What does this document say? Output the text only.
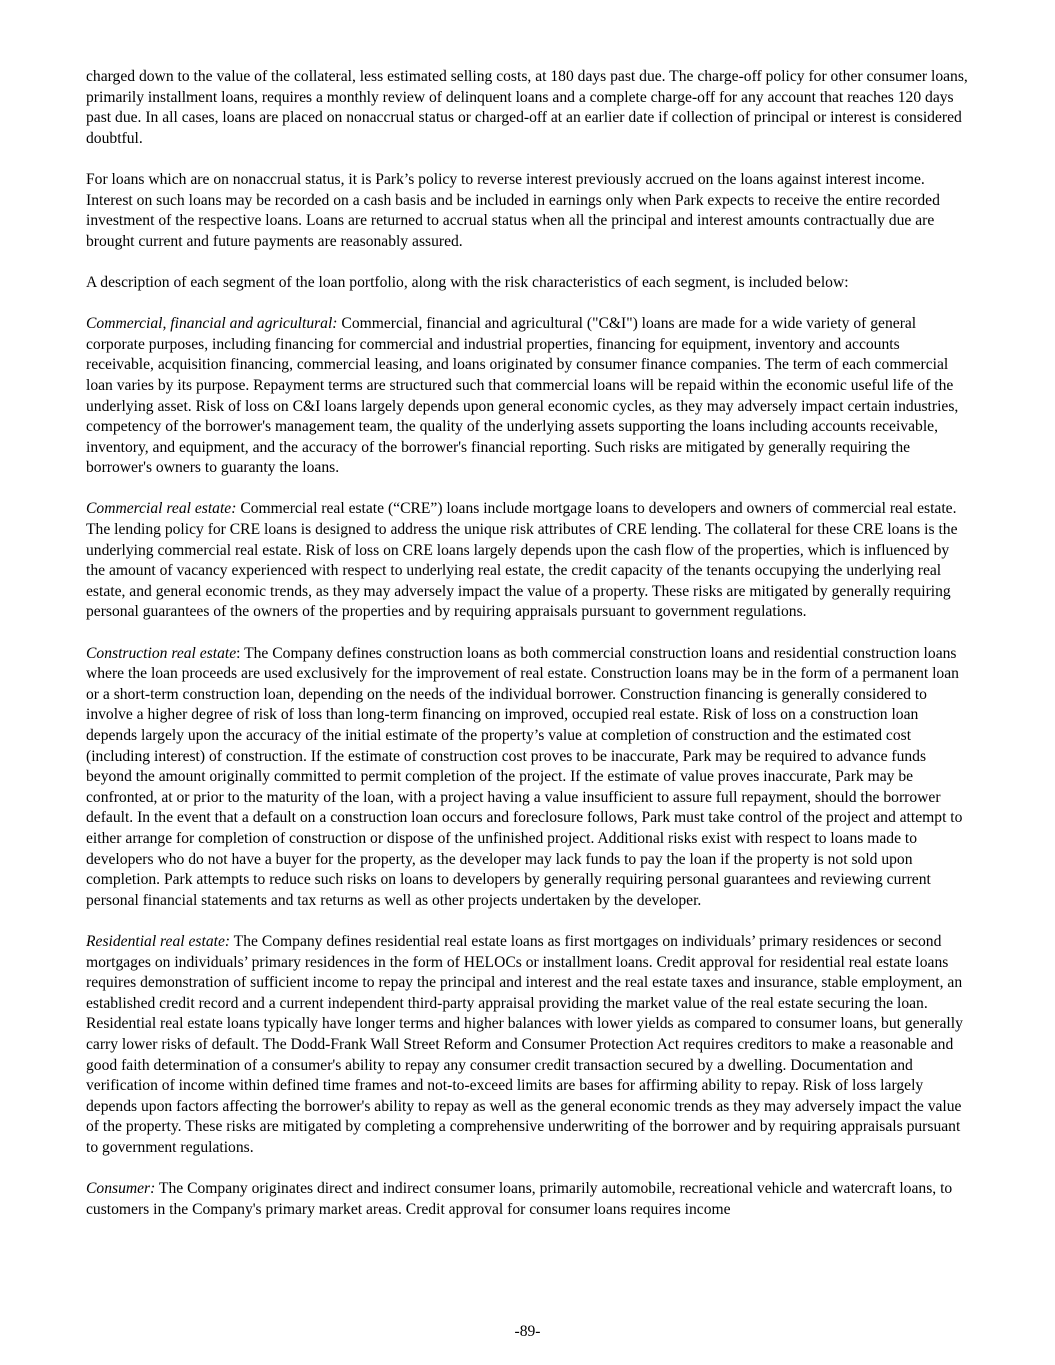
charged down to the value of the collateral, less estimated selling costs, at 180 days past due. The charge-off policy for other consumer loans, primarily installment loans, requires a monthly review of delinquent loans and a complete charge-off for any account that reaches 120 days past due. In all cases, loans are placed on nonaccrual status or charged-off at an earlier date if collection of principal or interest is considered doubtful.

For loans which are on nonaccrual status, it is Park’s policy to reverse interest previously accrued on the loans against interest income. Interest on such loans may be recorded on a cash basis and be included in earnings only when Park expects to receive the entire recorded investment of the respective loans. Loans are returned to accrual status when all the principal and interest amounts contractually due are brought current and future payments are reasonably assured.

A description of each segment of the loan portfolio, along with the risk characteristics of each segment, is included below:

Commercial, financial and agricultural: Commercial, financial and agricultural ("C&I") loans are made for a wide variety of general corporate purposes, including financing for commercial and industrial properties, financing for equipment, inventory and accounts receivable, acquisition financing, commercial leasing, and loans originated by consumer finance companies. The term of each commercial loan varies by its purpose. Repayment terms are structured such that commercial loans will be repaid within the economic useful life of the underlying asset. Risk of loss on C&I loans largely depends upon general economic cycles, as they may adversely impact certain industries, competency of the borrower's management team, the quality of the underlying assets supporting the loans including accounts receivable, inventory, and equipment, and the accuracy of the borrower's financial reporting. Such risks are mitigated by generally requiring the borrower's owners to guaranty the loans.

Commercial real estate: Commercial real estate (“CRE”) loans include mortgage loans to developers and owners of commercial real estate. The lending policy for CRE loans is designed to address the unique risk attributes of CRE lending. The collateral for these CRE loans is the underlying commercial real estate. Risk of loss on CRE loans largely depends upon the cash flow of the properties, which is influenced by the amount of vacancy experienced with respect to underlying real estate, the credit capacity of the tenants occupying the underlying real estate, and general economic trends, as they may adversely impact the value of a property. These risks are mitigated by generally requiring personal guarantees of the owners of the properties and by requiring appraisals pursuant to government regulations.

Construction real estate: The Company defines construction loans as both commercial construction loans and residential construction loans where the loan proceeds are used exclusively for the improvement of real estate. Construction loans may be in the form of a permanent loan or a short-term construction loan, depending on the needs of the individual borrower. Construction financing is generally considered to involve a higher degree of risk of loss than long-term financing on improved, occupied real estate. Risk of loss on a construction loan depends largely upon the accuracy of the initial estimate of the property’s value at completion of construction and the estimated cost (including interest) of construction. If the estimate of construction cost proves to be inaccurate, Park may be required to advance funds beyond the amount originally committed to permit completion of the project. If the estimate of value proves inaccurate, Park may be confronted, at or prior to the maturity of the loan, with a project having a value insufficient to assure full repayment, should the borrower default. In the event that a default on a construction loan occurs and foreclosure follows, Park must take control of the project and attempt to either arrange for completion of construction or dispose of the unfinished project. Additional risks exist with respect to loans made to developers who do not have a buyer for the property, as the developer may lack funds to pay the loan if the property is not sold upon completion. Park attempts to reduce such risks on loans to developers by generally requiring personal guarantees and reviewing current personal financial statements and tax returns as well as other projects undertaken by the developer.

Residential real estate: The Company defines residential real estate loans as first mortgages on individuals’ primary residences or second mortgages on individuals’ primary residences in the form of HELOCs or installment loans. Credit approval for residential real estate loans requires demonstration of sufficient income to repay the principal and interest and the real estate taxes and insurance, stable employment, an established credit record and a current independent third-party appraisal providing the market value of the real estate securing the loan. Residential real estate loans typically have longer terms and higher balances with lower yields as compared to consumer loans, but generally carry lower risks of default. The Dodd-Frank Wall Street Reform and Consumer Protection Act requires creditors to make a reasonable and good faith determination of a consumer's ability to repay any consumer credit transaction secured by a dwelling. Documentation and verification of income within defined time frames and not-to-exceed limits are bases for affirming ability to repay. Risk of loss largely depends upon factors affecting the borrower's ability to repay as well as the general economic trends as they may adversely impact the value of the property. These risks are mitigated by completing a comprehensive underwriting of the borrower and by requiring appraisals pursuant to government regulations.

Consumer: The Company originates direct and indirect consumer loans, primarily automobile, recreational vehicle and watercraft loans, to customers in the Company's primary market areas. Credit approval for consumer loans requires income

-89-
